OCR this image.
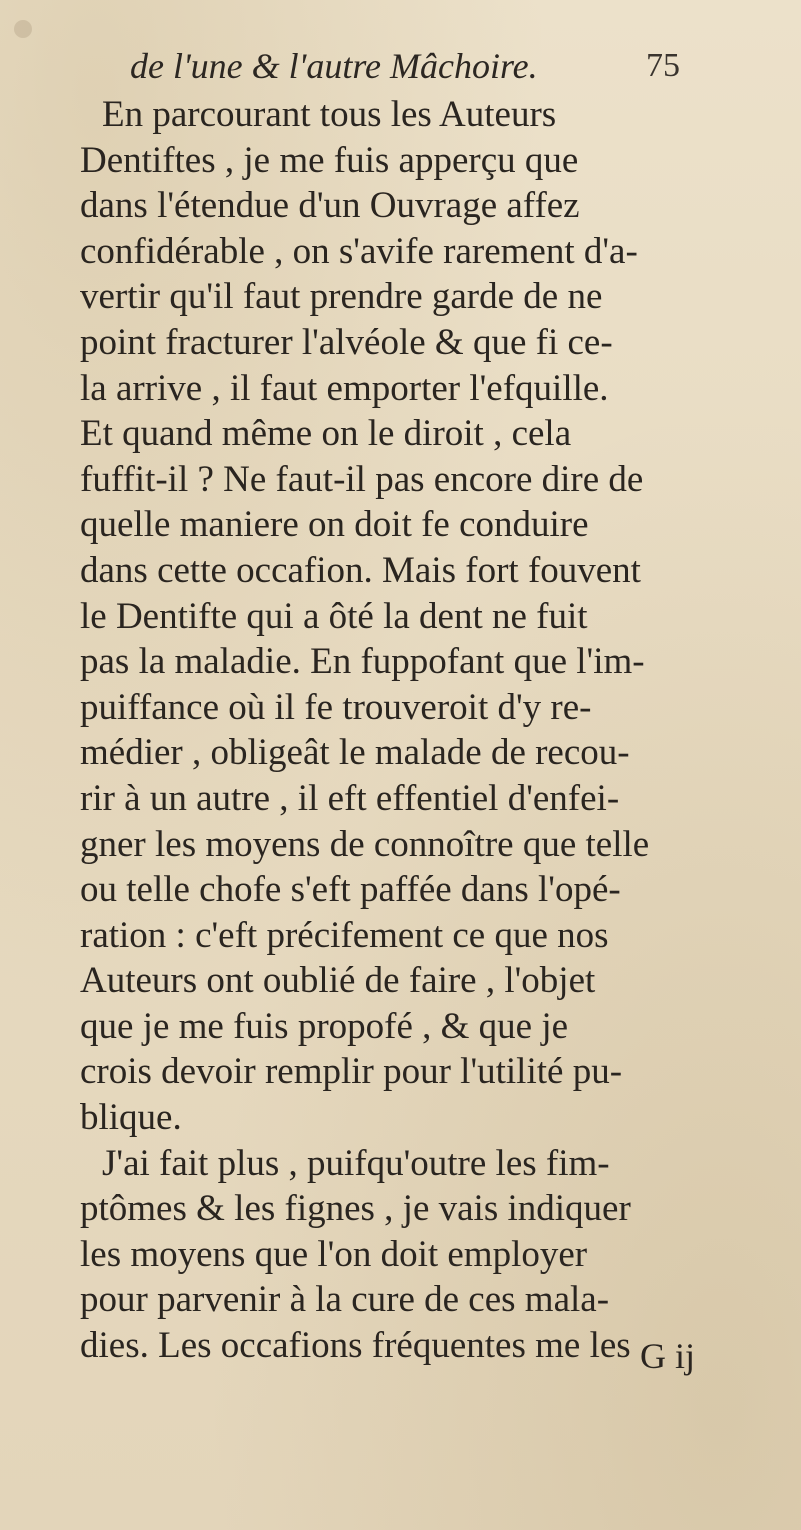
de l'une & l'autre Mâchoire.	75
En parcourant tous les Auteurs
Dentiftes , je me fuis apperçu que
dans l'étendue d'un Ouvrage affez
confidérable , on s'avife rarement d'a-
vertir qu'il faut prendre garde de ne
point fracturer l'alvéole & que fi ce-
la arrive , il faut emporter l'efquille.
Et quand même on le diroit , cela
fuffit-il ? Ne faut-il pas encore dire de
quelle maniere on doit fe conduire
dans cette occafion. Mais fort fouvent
le Dentifte qui a ôté la dent ne fuit
pas la maladie. En fuppofant que l'im-
puiffance où il fe trouveroit d'y re-
médier , obligeât le malade de recou-
rir à un autre , il eft effentiel d'enfei-
gner les moyens de connoître que telle
ou telle chofe s'eft paffée dans l'opé-
ration : c'eft précifement ce que nos
Auteurs ont oublié de faire , l'objet
que je me fuis propofé , & que je
crois devoir remplir pour l'utilité pu-
blique.
J'ai fait plus , puifqu'outre les fim-
ptômes & les fignes , je vais indiquer
les moyens que l'on doit employer
pour parvenir à la cure de ces mala-
dies. Les occafions fréquentes me les G ij
